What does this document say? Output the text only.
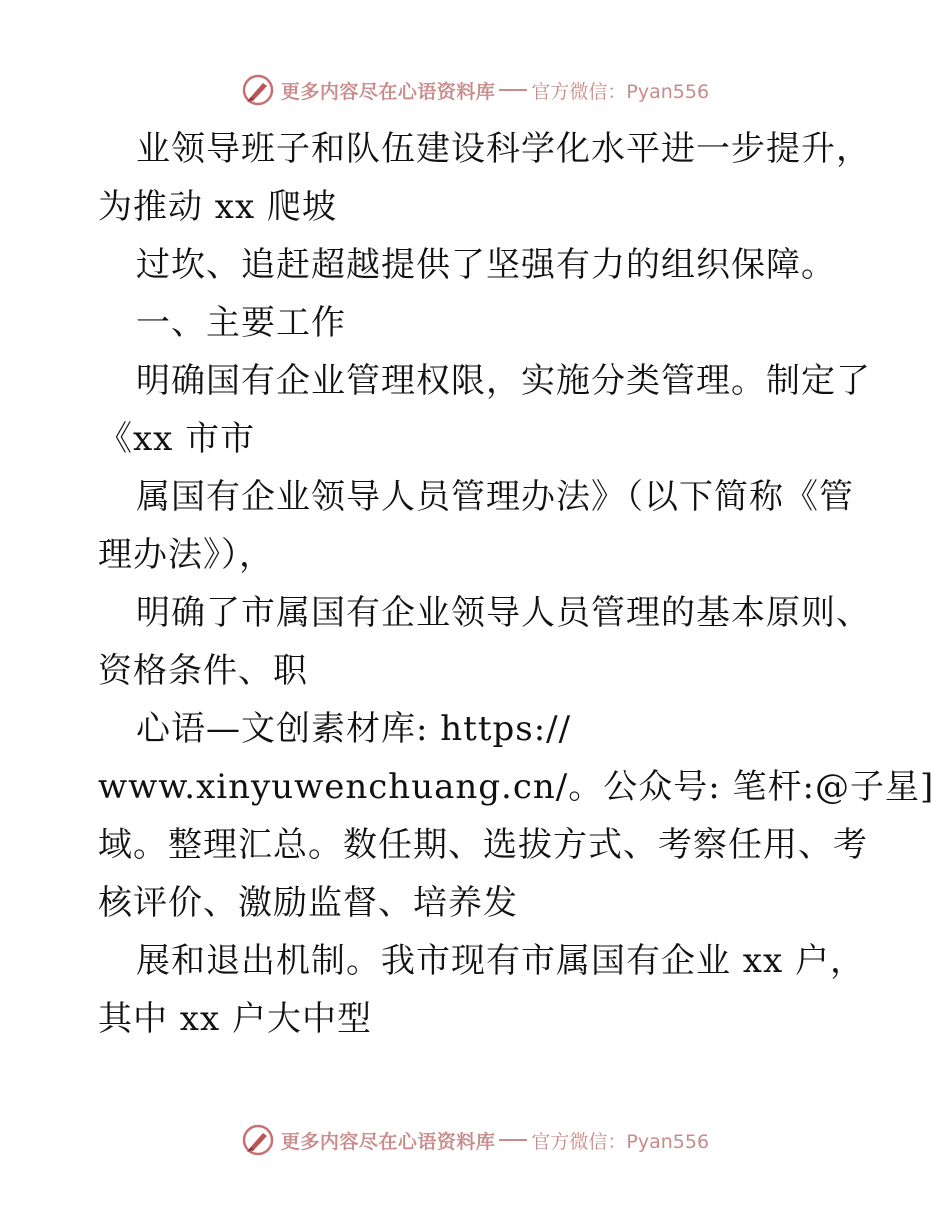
更多内容尽在心语资料库 官方微信：Pyan556
业领导班子和队伍建设科学化水平进一步提升，
为推动 xx 爬坡
过坎、追赶超越提供了坚强有力的组织保障。
一、主要工作
明确国有企业管理权限，实施分类管理。制定了
《xx 市市
属国有企业领导人员管理办法》（以下简称《管
理办法》），
明确了市属国有企业领导人员管理的基本原则、
资格条件、职
心语—文创素材库: https://
www.xinyuwenchuang.cn/。公众号: 笔杆:@子星]
域。整理汇总。数任期、选拔方式、考察任用、考
核评价、激励监督、培养发
展和退出机制。我市现有市属国有企业 xx 户，
其中 xx 户大中型
更多内容尽在心语资料库 官方微信：Pyan556
